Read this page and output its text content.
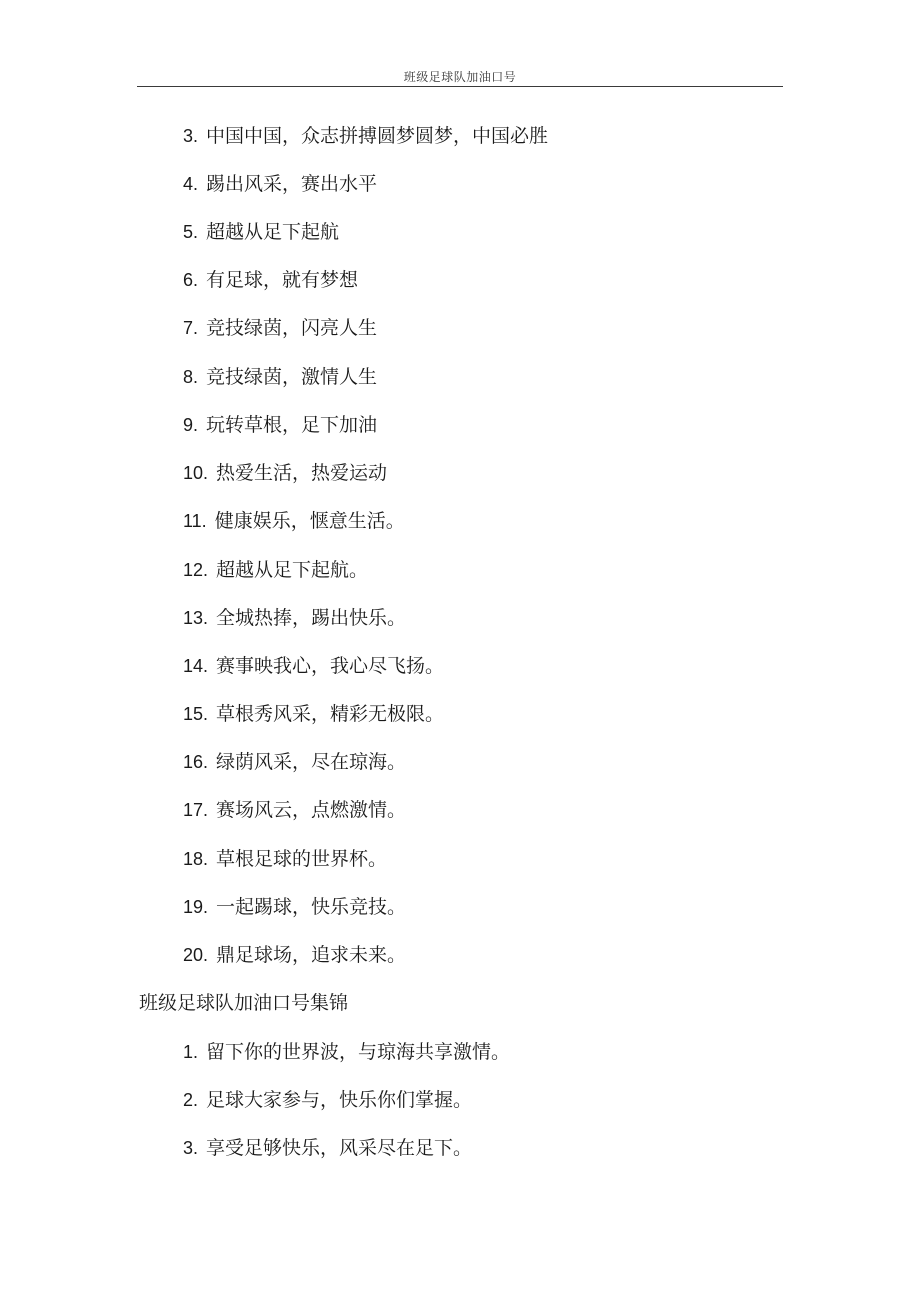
班级足球队加油口号
3. 中国中国，众志拼搏圆梦圆梦，中国必胜
4. 踢出风采，赛出水平
5. 超越从足下起航
6. 有足球，就有梦想
7. 竞技绿茵，闪亮人生
8. 竞技绿茵，激情人生
9. 玩转草根，足下加油
10. 热爱生活，热爱运动
11. 健康娱乐，惬意生活。
12. 超越从足下起航。
13. 全城热捧，踢出快乐。
14. 赛事映我心，我心尽飞扬。
15. 草根秀风采，精彩无极限。
16. 绿荫风采，尽在琼海。
17. 赛场风云，点燃激情。
18. 草根足球的世界杯。
19. 一起踢球，快乐竞技。
20. 鼎足球场，追求未来。
班级足球队加油口号集锦
1. 留下你的世界波，与琼海共享激情。
2. 足球大家参与，快乐你们掌握。
3. 享受足够快乐，风采尽在足下。
